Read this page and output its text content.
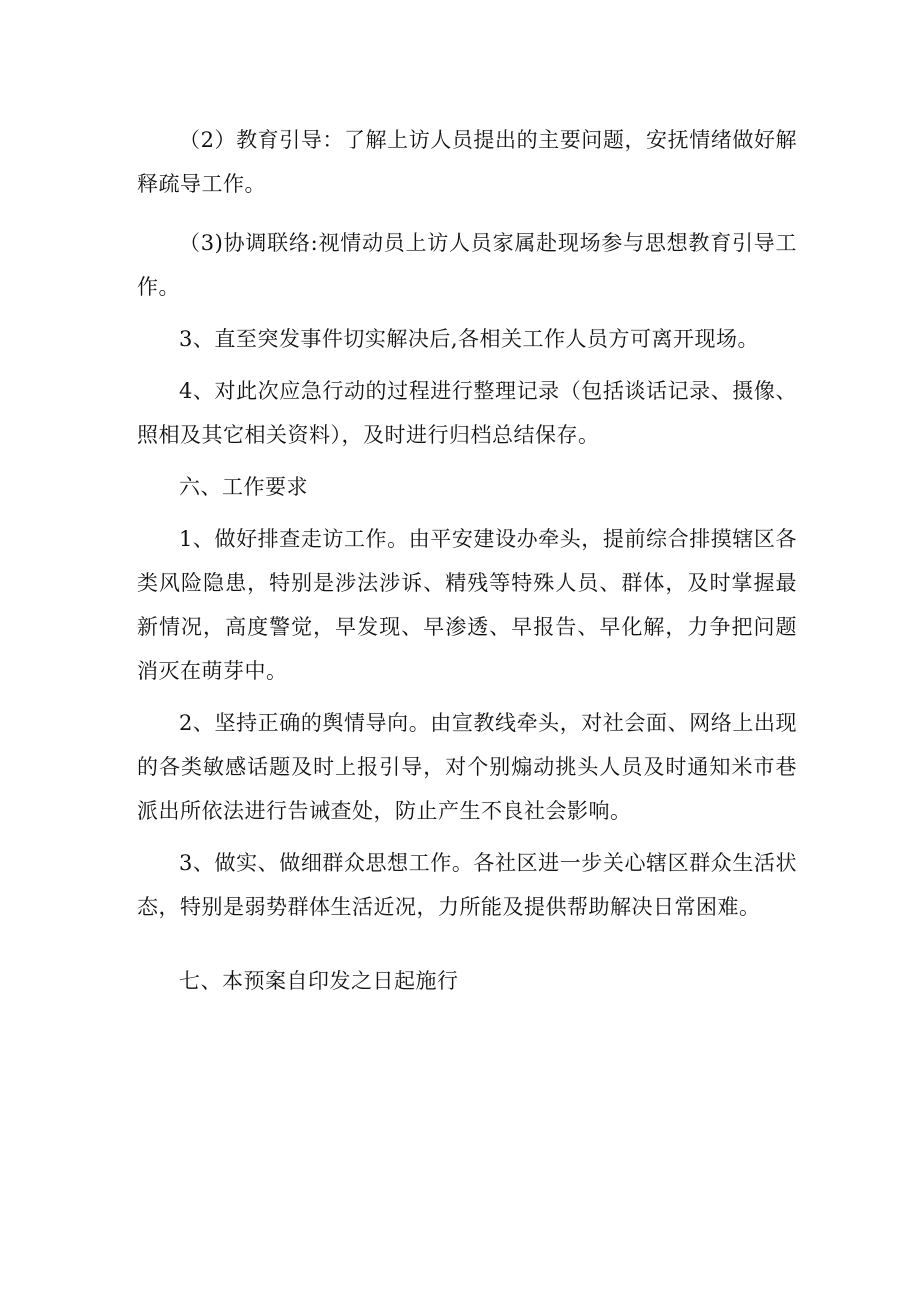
（2）教育引导：了解上访人员提出的主要问题，安抚情绪做好解释疏导工作。

（3)协调联络:视情动员上访人员家属赴现场参与思想教育引导工作。

3、直至突发事件切实解决后,各相关工作人员方可离开现场。

4、对此次应急行动的过程进行整理记录（包括谈话记录、摄像、照相及其它相关资料），及时进行归档总结保存。

六、工作要求

1、做好排查走访工作。由平安建设办牵头，提前综合排摸辖区各类风险隐患，特别是涉法涉诉、精残等特殊人员、群体，及时掌握最新情况，高度警觉，早发现、早渗透、早报告、早化解，力争把问题消灭在萌芽中。

2、坚持正确的舆情导向。由宣教线牵头，对社会面、网络上出现的各类敏感话题及时上报引导，对个别煽动挑头人员及时通知米市巷派出所依法进行告诫查处，防止产生不良社会影响。

3、做实、做细群众思想工作。各社区进一步关心辖区群众生活状态，特别是弱势群体生活近况，力所能及提供帮助解决日常困难。

七、本预案自印发之日起施行
